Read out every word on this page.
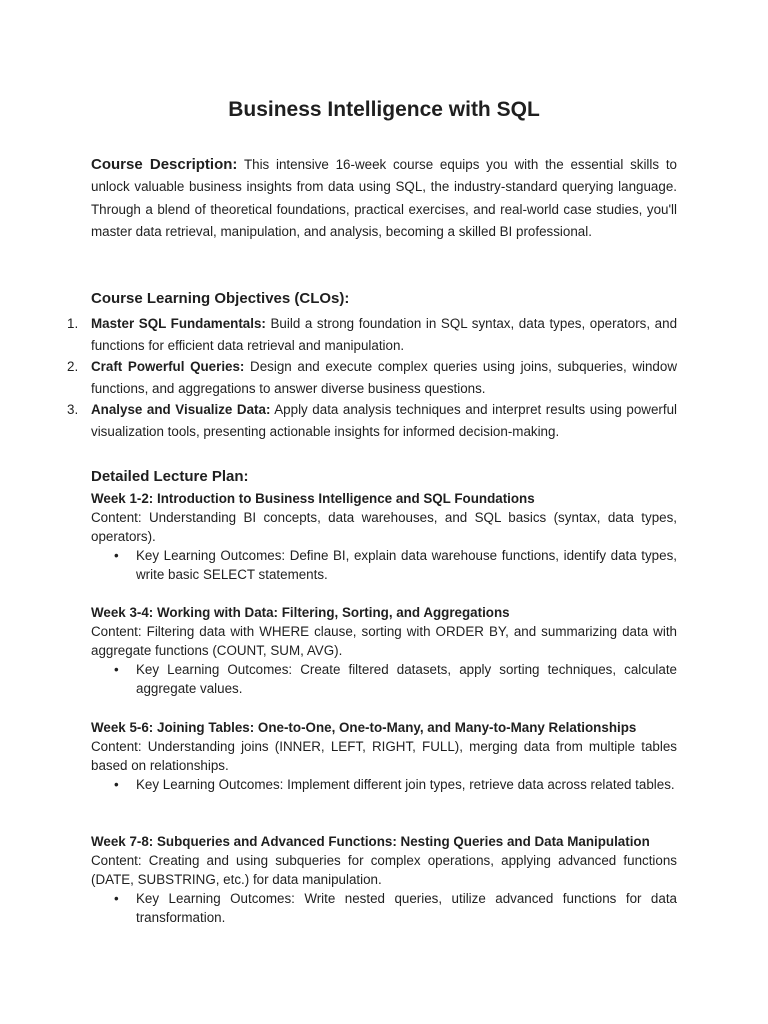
Business Intelligence with SQL

Course Description: This intensive 16-week course equips you with the essential skills to unlock valuable business insights from data using SQL, the industry-standard querying language. Through a blend of theoretical foundations, practical exercises, and real-world case studies, you'll master data retrieval, manipulation, and analysis, becoming a skilled BI professional.

Course Learning Objectives (CLOs):
1. Master SQL Fundamentals: Build a strong foundation in SQL syntax, data types, operators, and functions for efficient data retrieval and manipulation.
2. Craft Powerful Queries: Design and execute complex queries using joins, subqueries, window functions, and aggregations to answer diverse business questions.
3. Analyse and Visualize Data: Apply data analysis techniques and interpret results using powerful visualization tools, presenting actionable insights for informed decision-making.
Detailed Lecture Plan:

Week 1-2: Introduction to Business Intelligence and SQL Foundations

Content: Understanding BI concepts, data warehouses, and SQL basics (syntax, data types, operators).

• Key Learning Outcomes: Define BI, explain data warehouse functions, identify data types, write basic SELECT statements.

Week 3-4: Working with Data: Filtering, Sorting, and Aggregations

Content: Filtering data with WHERE clause, sorting with ORDER BY, and summarizing data with aggregate functions (COUNT, SUM, AVG).

• Key Learning Outcomes: Create filtered datasets, apply sorting techniques, calculate aggregate values.

Week 5-6: Joining Tables: One-to-One, One-to-Many, and Many-to-Many Relationships

Content: Understanding joins (INNER, LEFT, RIGHT, FULL), merging data from multiple tables based on relationships.

• Key Learning Outcomes: Implement different join types, retrieve data across related tables.

Week 7-8: Subqueries and Advanced Functions: Nesting Queries and Data Manipulation

Content: Creating and using subqueries for complex operations, applying advanced functions (DATE, SUBSTRING, etc.) for data manipulation.

• Key Learning Outcomes: Write nested queries, utilize advanced functions for data transformation.
